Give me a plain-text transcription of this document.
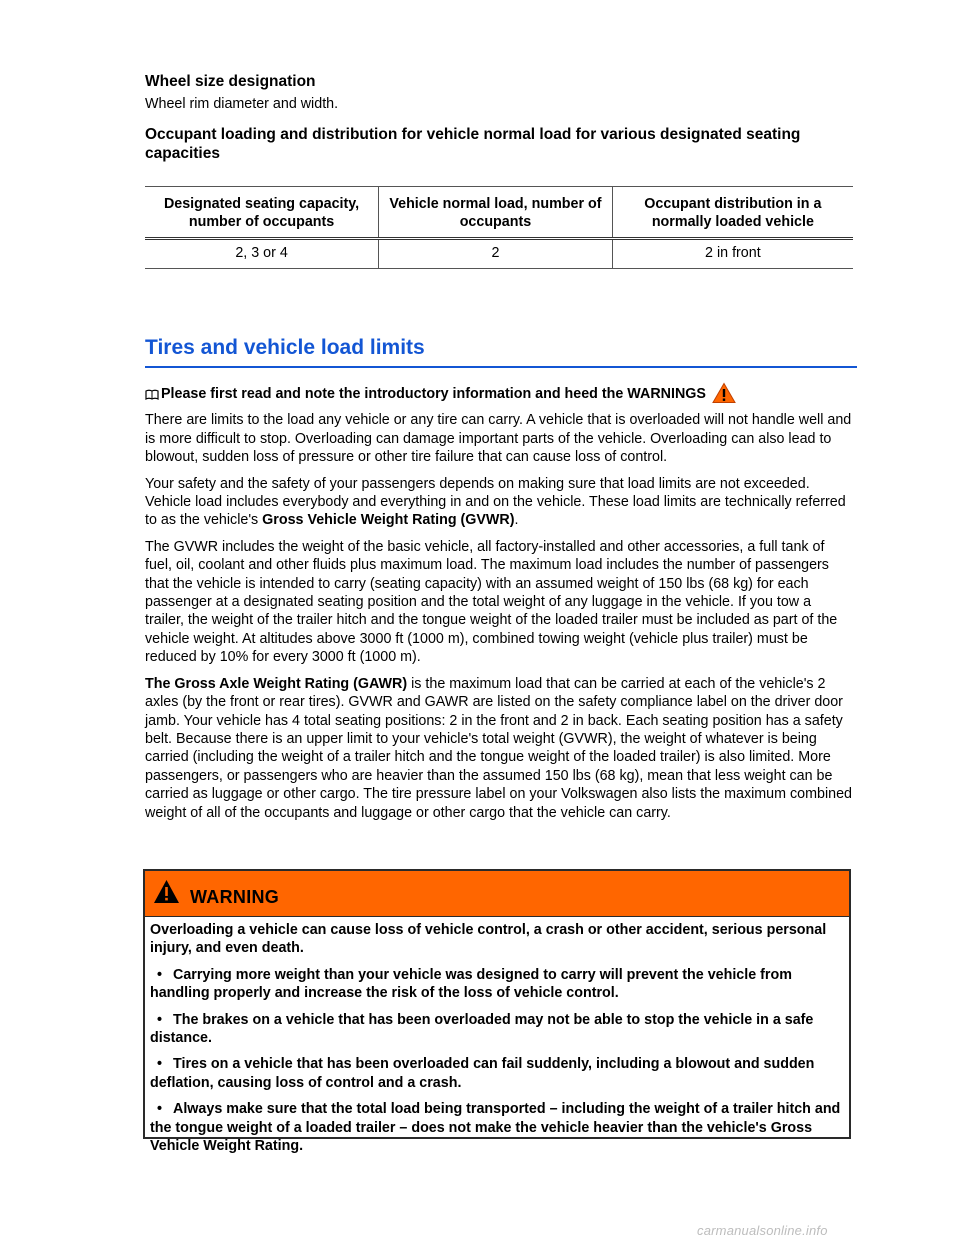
Wheel size designation

Wheel rim diameter and width.

Occupant loading and distribution for vehicle normal load for various designated seating capacities

Designated seating capacity, number of occupants	Vehicle normal load, number of occupants	Occupant distribution in a normally loaded vehicle
2, 3 or 4	2	2 in front
Tires and vehicle load limits
Please first read and note the introductory information and heed the WARNINGS

There are limits to the load any vehicle or any tire can carry. A vehicle that is overloaded will not handle well and is more difficult to stop. Overloading can damage important parts of the vehicle. Overloading can also lead to blowout, sudden loss of pressure or other tire failure that can cause loss of control.

Your safety and the safety of your passengers depends on making sure that load limits are not exceeded. Vehicle load includes everybody and everything in and on the vehicle. These load limits are technically referred to as the vehicle's Gross Vehicle Weight Rating (GVWR).

The GVWR includes the weight of the basic vehicle, all factory-installed and other accessories, a full tank of fuel, oil, coolant and other fluids plus maximum load. The maximum load includes the number of passengers that the vehicle is intended to carry (seating capacity) with an assumed weight of 150 lbs (68 kg) for each passenger at a designated seating position and the total weight of any luggage in the vehicle. If you tow a trailer, the weight of the trailer hitch and the tongue weight of the loaded trailer must be included as part of the vehicle weight. At altitudes above 3000 ft (1000 m), combined towing weight (vehicle plus trailer) must be reduced by 10% for every 3000 ft (1000 m).

The Gross Axle Weight Rating (GAWR) is the maximum load that can be carried at each of the vehicle's 2 axles (by the front or rear tires). GVWR and GAWR are listed on the safety compliance label on the driver door jamb. Your vehicle has 4 total seating positions: 2 in the front and 2 in back. Each seating position has a safety belt. Because there is an upper limit to your vehicle's total weight (GVWR), the weight of whatever is being carried (including the weight of a trailer hitch and the tongue weight of the loaded trailer) is also limited. More passengers, or passengers who are heavier than the assumed 150 lbs (68 kg), mean that less weight can be carried as luggage or other cargo. The tire pressure label on your Volkswagen also lists the maximum combined weight of all of the occupants and luggage or other cargo that the vehicle can carry.

WARNING

Overloading a vehicle can cause loss of vehicle control, a crash or other accident, serious personal injury, and even death.

• Carrying more weight than your vehicle was designed to carry will prevent the vehicle from handling properly and increase the risk of the loss of vehicle control.

• The brakes on a vehicle that has been overloaded may not be able to stop the vehicle in a safe distance.

• Tires on a vehicle that has been overloaded can fail suddenly, including a blowout and sudden deflation, causing loss of control and a crash.

• Always make sure that the total load being transported – including the weight of a trailer hitch and the tongue weight of a loaded trailer – does not make the vehicle heavier than the vehicle's Gross Vehicle Weight Rating.

carmanualsonline.info
